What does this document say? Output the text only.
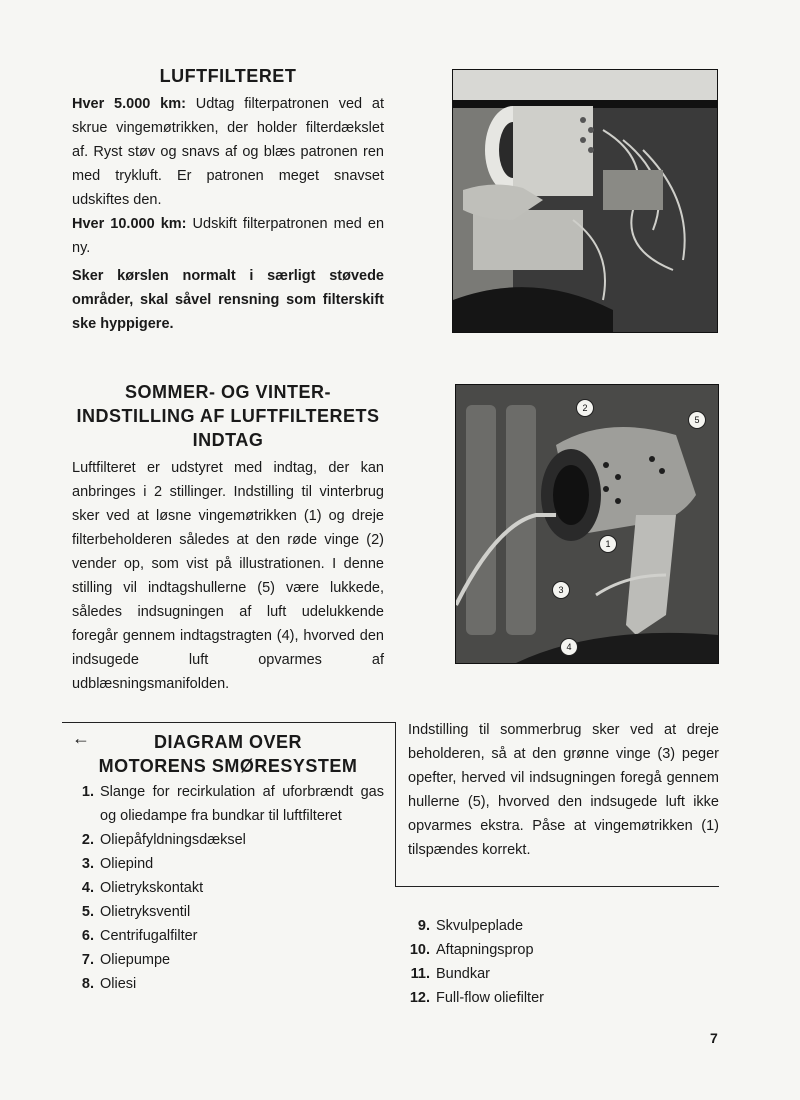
LUFTFILTERET

Hver 5.000 km: Udtag filterpatronen ved at skrue vingemøtrikken, der holder filterdækslet af. Ryst støv og snavs af og blæs patronen ren med trykluft. Er patronen meget snavset udskiftes den.

Hver 10.000 km: Udskift filterpatronen med en ny.

Sker kørslen normalt i særligt støvede områder, skal såvel rensning som filterskift ske hyppigere.

SOMMER- OG VINTER-
INDSTILLING AF LUFTFILTERETS
INDTAG

Luftfilteret er udstyret med indtag, der kan anbringes i 2 stillinger. Indstilling til vinterbrug sker ved at løsne vingemøtrikken (1) og dreje filterbeholderen således at den røde vinge (2) vender op, som vist på illustrationen. I denne stilling vil indtagshullerne (5) være lukkede, således indsugningen af luft udelukkende foregår gennem indtagstragten (4), hvorved den indsugede luft opvarmes af udblæsningsmanifolden.

1
2
3
4
5
←	DIAGRAM OVER
MOTORENS SMØRESYSTEM
1. Slange for recirkulation af uforbrændt gas og oliedampe fra bundkar til luftfilteret
2. Oliepåfyldningsdæksel
3. Oliepind
4. Olietrykskontakt
5. Olietryksventil
6. Centrifugalfilter
7. Oliepumpe
8. Oliesi

Indstilling til sommerbrug sker ved at dreje beholderen, så at den grønne vinge (3) peger opefter, herved vil indsugningen foregå gennem hullerne (5), hvorved den indsugede luft ikke opvarmes ekstra. Påse at vingemøtrikken (1) tilspændes korrekt.

9. Skvulpeplade
10. Aftapningsprop
11. Bundkar
12. Full-flow oliefilter
7
